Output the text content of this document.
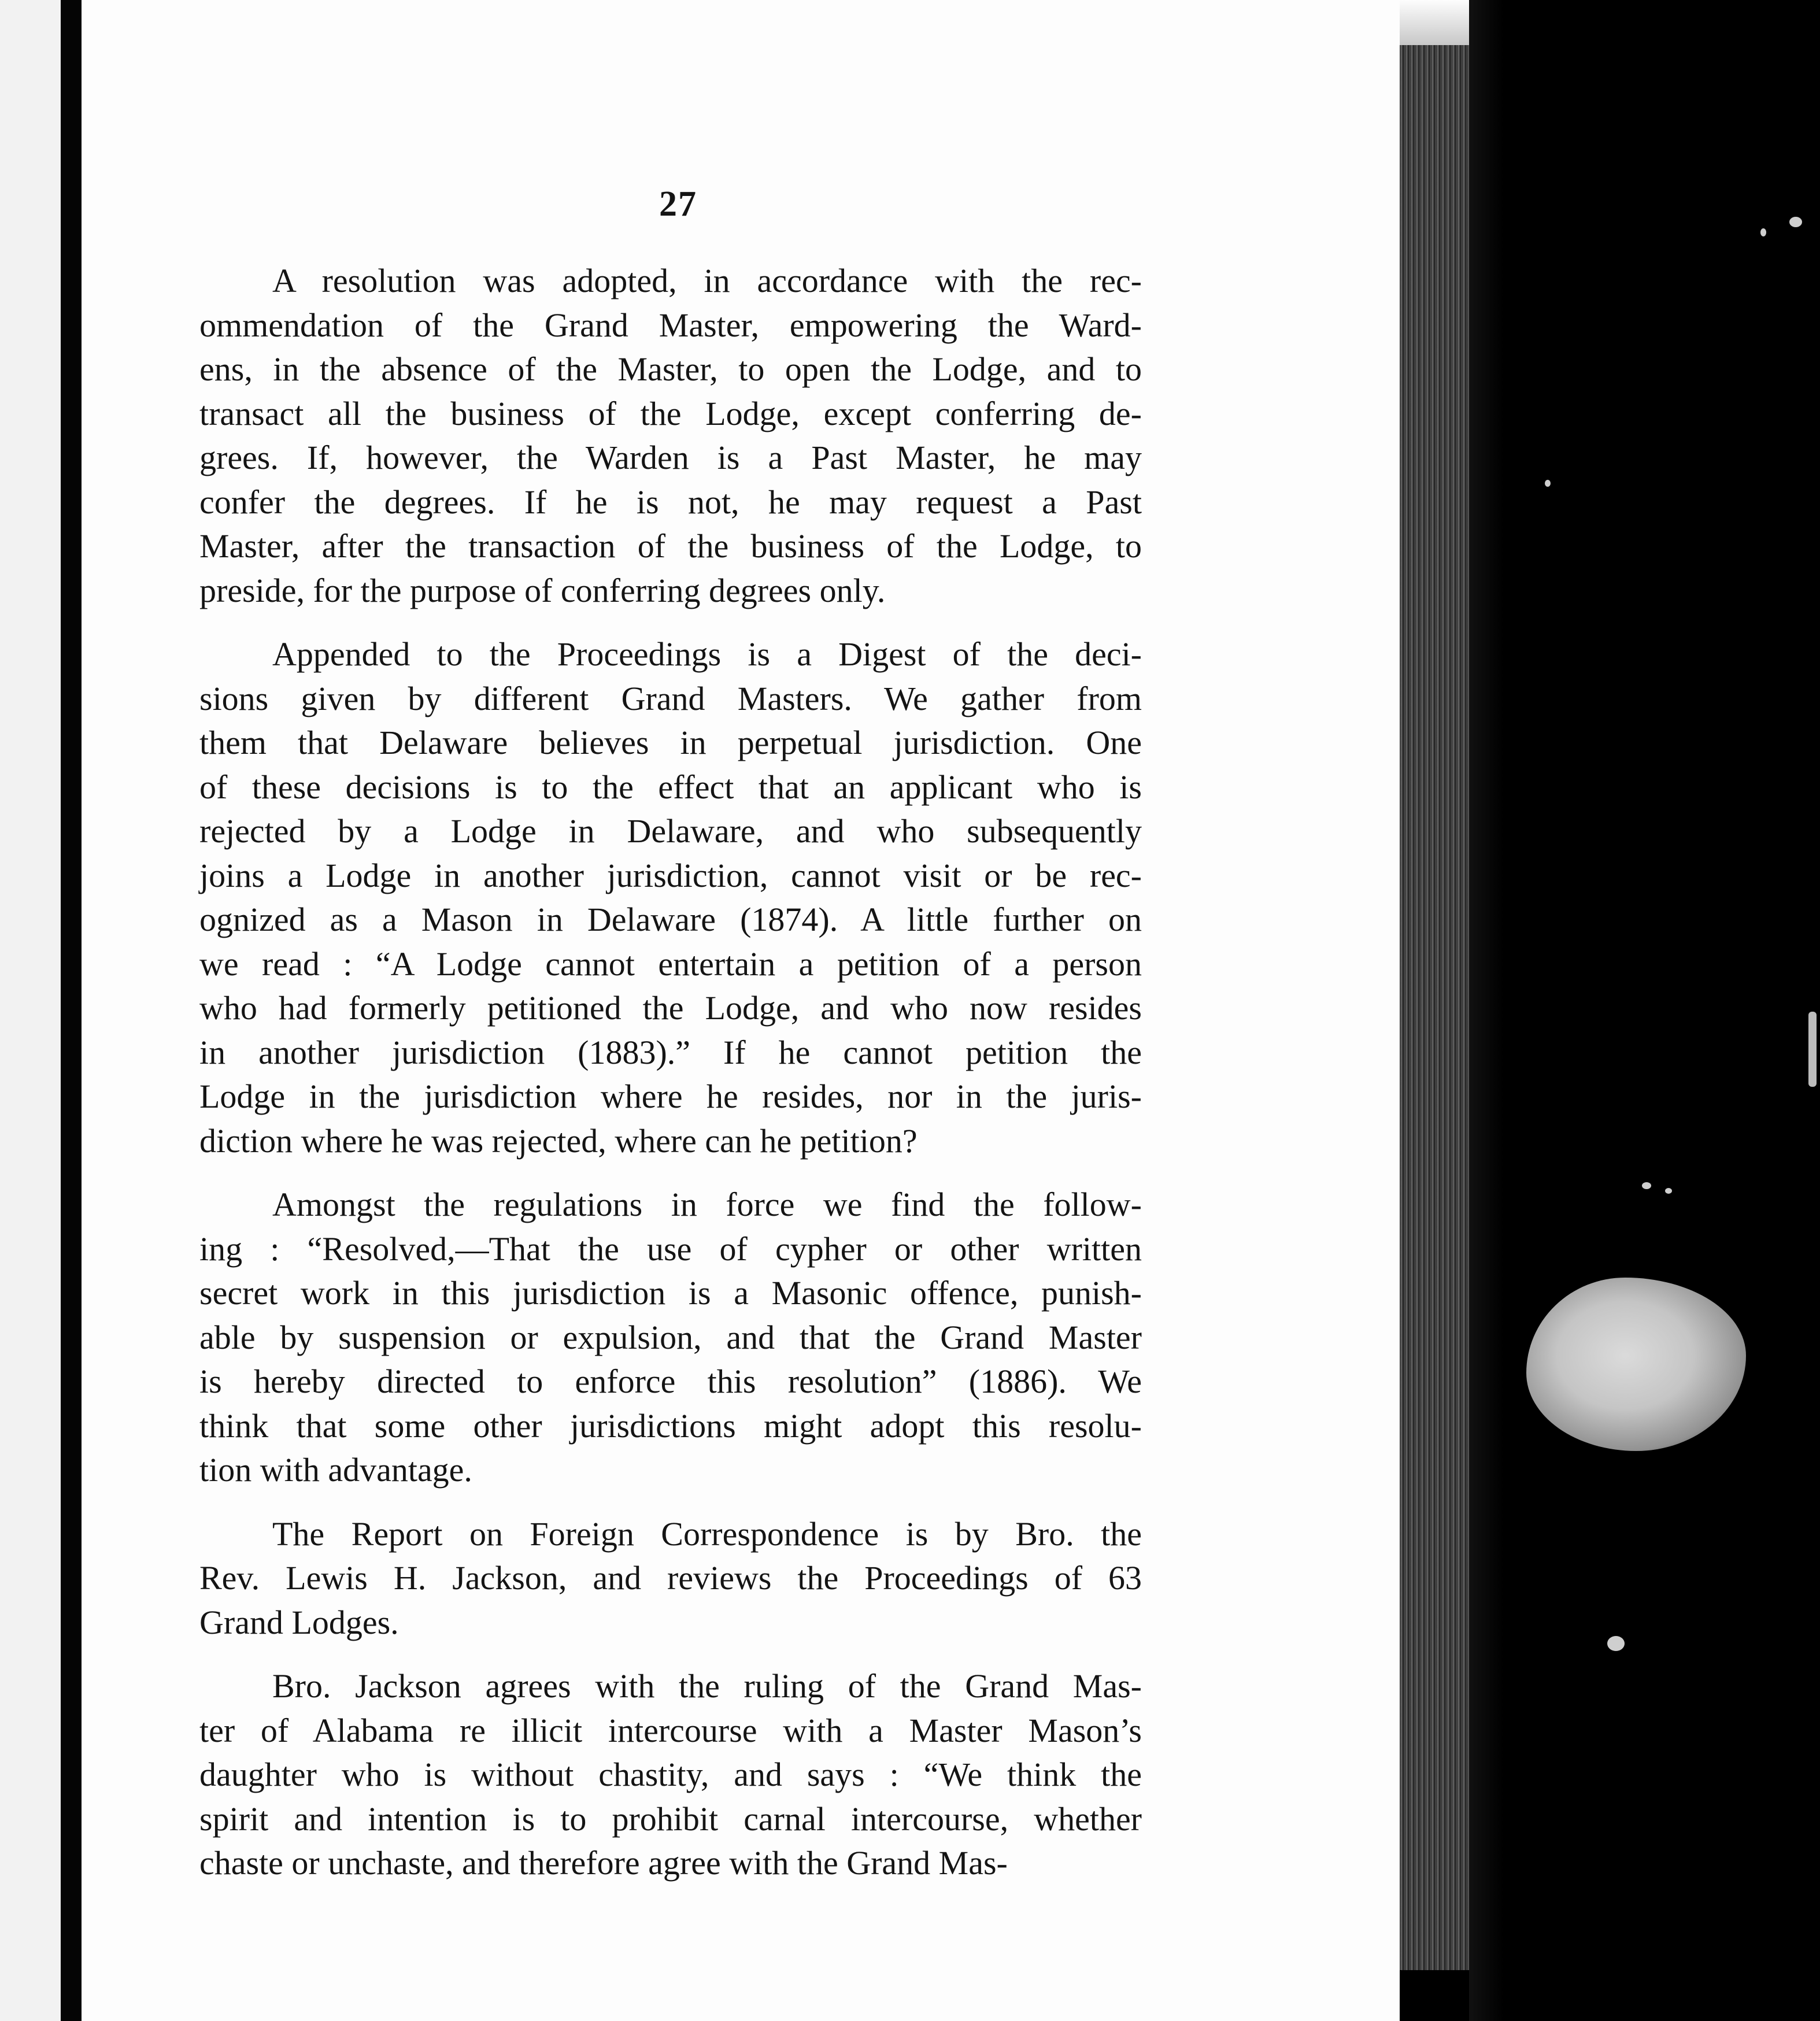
27
A resolution was adopted, in accordance with the rec-
ommendation of the Grand Master, empowering the Ward-
ens, in the absence of the Master, to open the Lodge, and to
transact all the business of the Lodge, except conferring de-
grees. If, however, the Warden is a Past Master, he may
confer the degrees. If he is not, he may request a Past
Master, after the transaction of the business of the Lodge, to
preside, for the purpose of conferring degrees only.
Appended to the Proceedings is a Digest of the deci-
sions given by different Grand Masters. We gather from
them that Delaware believes in perpetual jurisdiction. One
of these decisions is to the effect that an applicant who is
rejected by a Lodge in Delaware, and who subsequently
joins a Lodge in another jurisdiction, cannot visit or be rec-
ognized as a Mason in Delaware (1874). A little further on
we read : “A Lodge cannot entertain a petition of a person
who had formerly petitioned the Lodge, and who now resides
in another jurisdiction (1883).” If he cannot petition the
Lodge in the jurisdiction where he resides, nor in the juris-
diction where he was rejected, where can he petition?
Amongst the regulations in force we find the follow-
ing : “Resolved,—That the use of cypher or other written
secret work in this jurisdiction is a Masonic offence, punish-
able by suspension or expulsion, and that the Grand Master
is hereby directed to enforce this resolution” (1886). We
think that some other jurisdictions might adopt this resolu-
tion with advantage.
The Report on Foreign Correspondence is by Bro. the
Rev. Lewis H. Jackson, and reviews the Proceedings of 63
Grand Lodges.
Bro. Jackson agrees with the ruling of the Grand Mas-
ter of Alabama re illicit intercourse with a Master Mason’s
daughter who is without chastity, and says : “We think the
spirit and intention is to prohibit carnal intercourse, whether
chaste or unchaste, and therefore agree with the Grand Mas-
